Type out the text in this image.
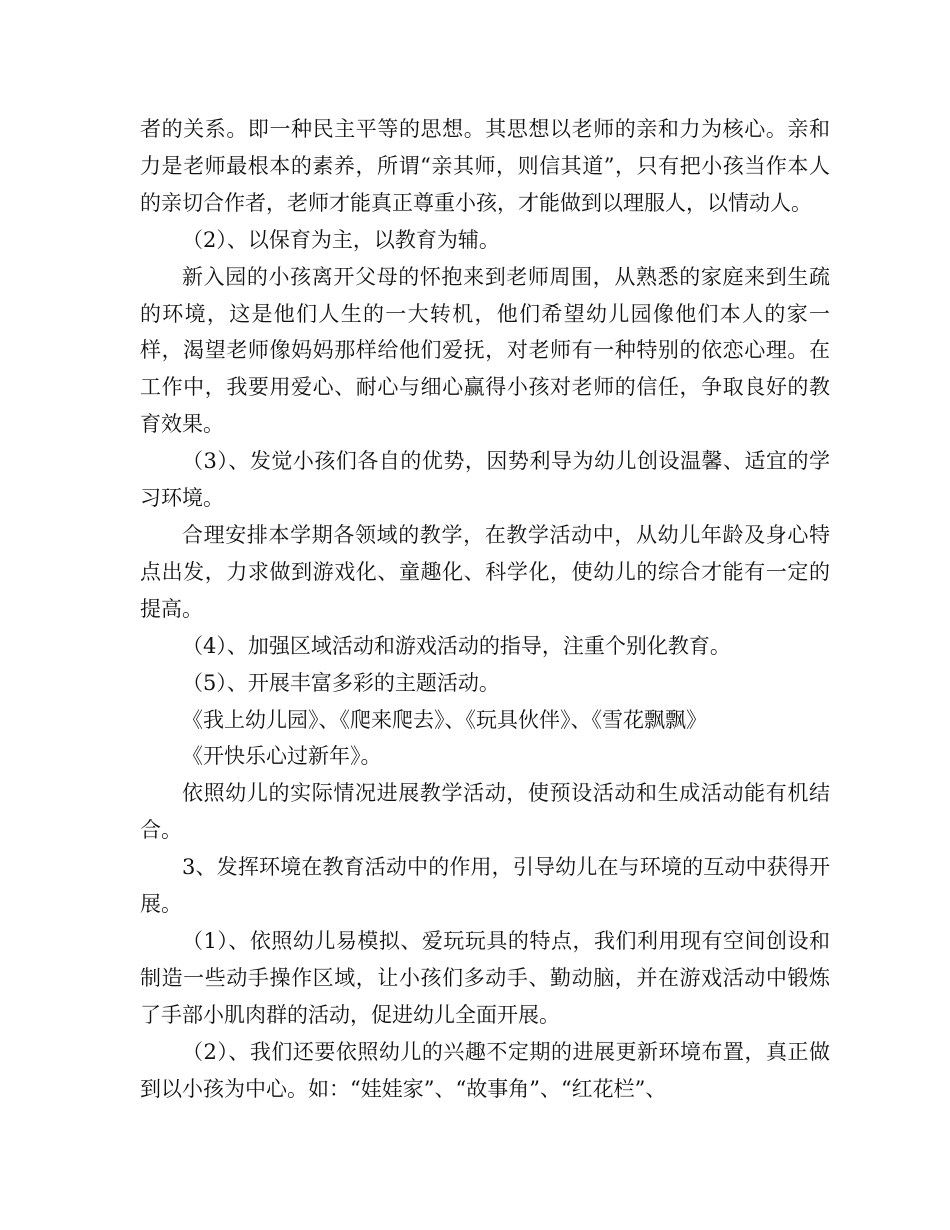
者的关系。即一种民主平等的思想。其思想以老师的亲和力为核心。亲和力是老师最根本的素养，所谓“亲其师，则信其道”，只有把小孩当作本人的亲切合作者，老师才能真正尊重小孩，才能做到以理服人，以情动人。

（2）、以保育为主，以教育为辅。

新入园的小孩离开父母的怀抱来到老师周围，从熟悉的家庭来到生疏的环境，这是他们人生的一大转机，他们希望幼儿园像他们本人的家一样，渴望老师像妈妈那样给他们爱抚，对老师有一种特别的依恋心理。在工作中，我要用爱心、耐心与细心赢得小孩对老师的信任，争取良好的教育效果。

（3）、发觉小孩们各自的优势，因势利导为幼儿创设温馨、适宜的学习环境。

合理安排本学期各领域的教学，在教学活动中，从幼儿年龄及身心特点出发，力求做到游戏化、童趣化、科学化，使幼儿的综合才能有一定的提高。

（4）、加强区域活动和游戏活动的指导，注重个别化教育。

（5）、开展丰富多彩的主题活动。

《我上幼儿园》、《爬来爬去》、《玩具伙伴》、《雪花飘飘》

《开快乐心过新年》。

依照幼儿的实际情况进展教学活动，使预设活动和生成活动能有机结合。

3、发挥环境在教育活动中的作用，引导幼儿在与环境的互动中获得开展。

（1）、依照幼儿易模拟、爱玩玩具的特点，我们利用现有空间创设和制造一些动手操作区域，让小孩们多动手、勤动脑，并在游戏活动中锻炼了手部小肌肉群的活动，促进幼儿全面开展。

（2）、我们还要依照幼儿的兴趣不定期的进展更新环境布置，真正做到以小孩为中心。如：“娃娃家”、“故事角”、“红花栏”、
